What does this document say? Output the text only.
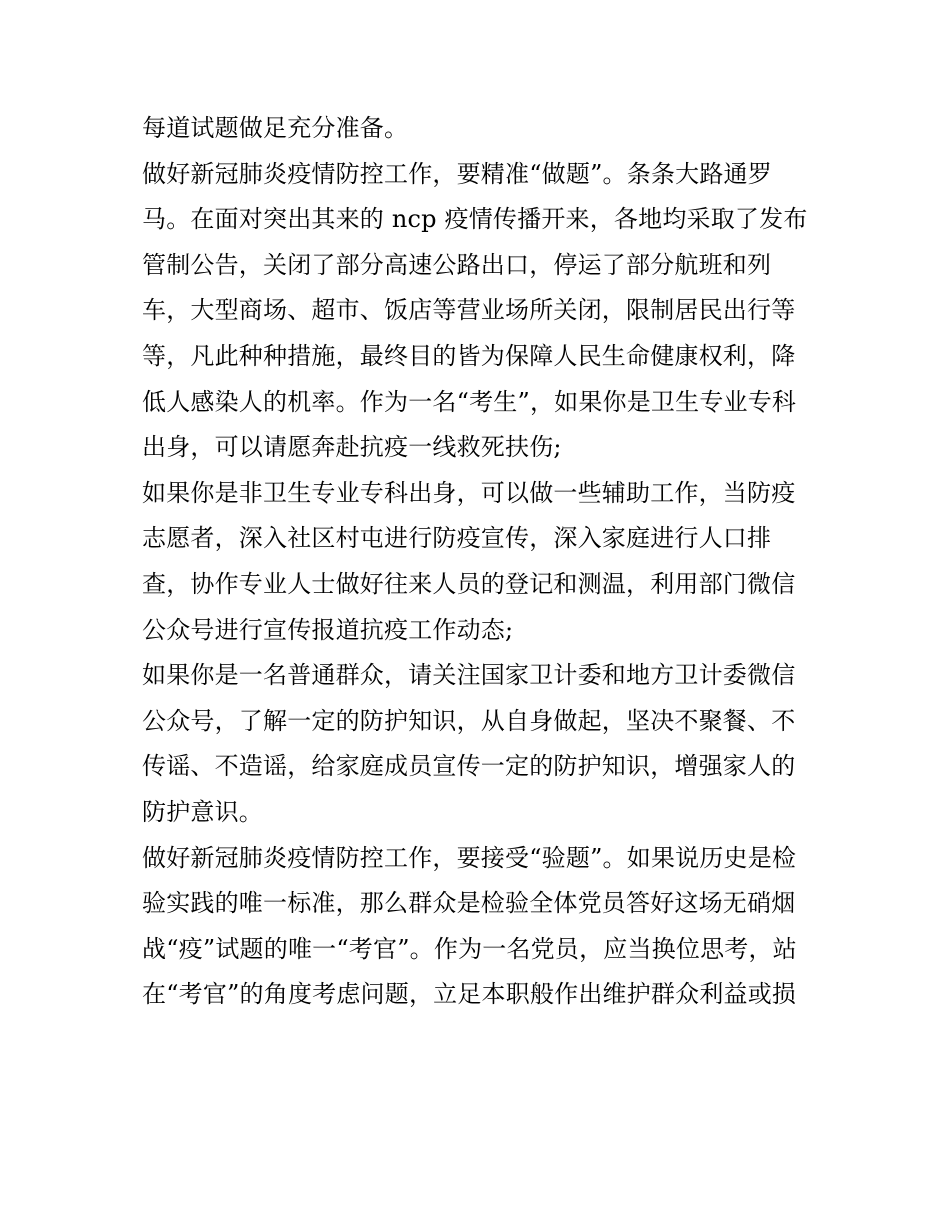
每道试题做足充分准备。
做好新冠肺炎疫情防控工作，要精准“做题”。条条大路通罗
马。在面对突出其来的 ncp 疫情传播开来，各地均采取了发布
管制公告，关闭了部分高速公路出口，停运了部分航班和列
车，大型商场、超市、饭店等营业场所关闭，限制居民出行等
等，凡此种种措施，最终目的皆为保障人民生命健康权利，降
低人感染人的机率。作为一名“考生”，如果你是卫生专业专科
出身，可以请愿奔赴抗疫一线救死扶伤;
如果你是非卫生专业专科出身，可以做一些辅助工作，当防疫
志愿者，深入社区村屯进行防疫宣传，深入家庭进行人口排
查，协作专业人士做好往来人员的登记和测温，利用部门微信
公众号进行宣传报道抗疫工作动态;
如果你是一名普通群众，请关注国家卫计委和地方卫计委微信
公众号，了解一定的防护知识，从自身做起，坚决不聚餐、不
传谣、不造谣，给家庭成员宣传一定的防护知识，增强家人的
防护意识。
做好新冠肺炎疫情防控工作，要接受“验题”。如果说历史是检
验实践的唯一标准，那么群众是检验全体党员答好这场无硝烟
战“疫”试题的唯一“考官”。作为一名党员，应当换位思考，站
在“考官”的角度考虑问题，立足本职般作出维护群众利益或损
